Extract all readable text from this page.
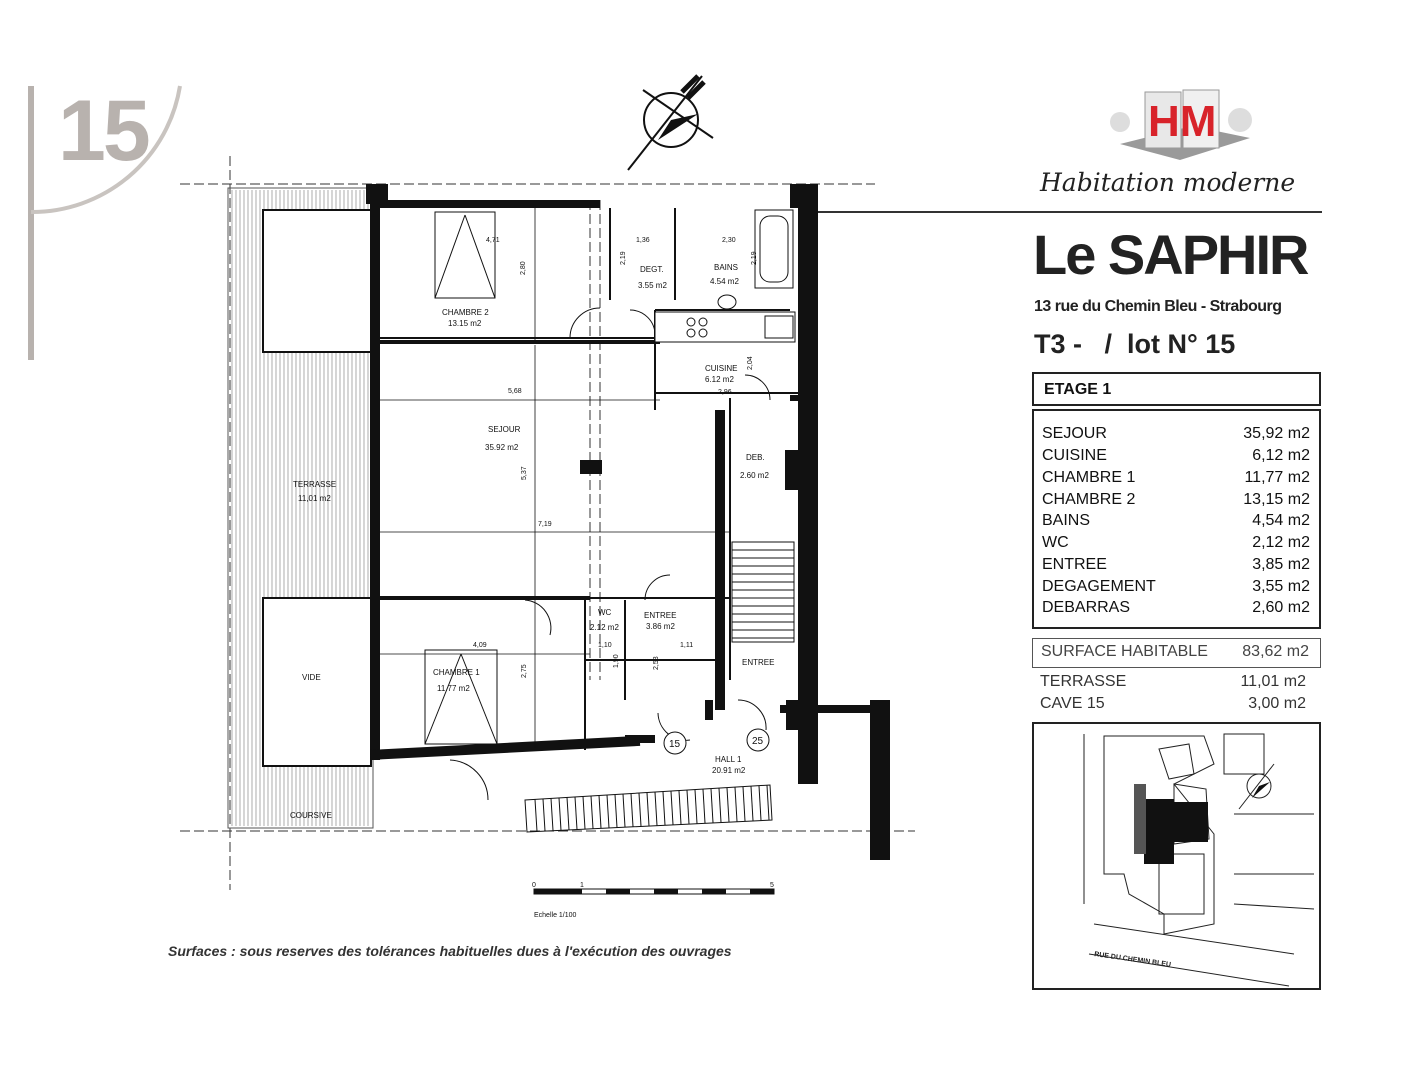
15	HM
Habitation moderne
Le SAPHIR
13 rue du Chemin Bleu - Strabourg
T3 -   /  lot N° 15
ETAGE 1
SEJOUR	35,92 m2
CUISINE	6,12 m2
CHAMBRE 1	11,77 m2
CHAMBRE 2	13,15 m2
BAINS	4,54 m2
WC	2,12 m2
ENTREE	3,85 m2
DEGAGEMENT	3,55 m2
DEBARRAS	2,60 m2
SURFACE HABITABLE 83,62 m2
TERRASSE	11,01 m2
CAVE 15	3,00 m2
RUE DU CHEMIN BLEU
CHAMBRE 2
13.15 m2
DEGT.
3.55 m2
BAINS
4.54 m2
CUISINE
6.12 m2
SEJOUR
35.92 m2
DEB.
2.60 m2
TERRASSE
11,01 m2
WC
2.12 m2
ENTREE
3.86 m2
CHAMBRE 1
11.77 m2
VIDE
ENTREE
HALL 1
20.91 m2
COURSIVE
4,71
2,80
1,36
2,19
2,30
2,19
2,04
2,96
5,68
5,37
7,19
4,09
2,75
1,10
1,90
1,11
2,53
15	25
0	1	5
Echelle 1/100
Surfaces : sous reserves des tolérances habituelles dues à l'exécution des ouvrages
